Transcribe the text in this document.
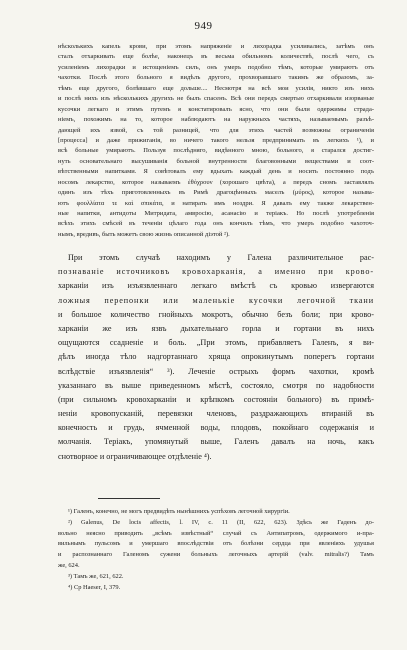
949
нѣсколькихъ капель крови, при этомъ напряженіе и лихорадка усиливались, затѣмъ онъ
сталъ отхаркивать еще болѣе, наконецъ въ весьма обильномъ количествѣ, послѣ чего, съ
усиленіемъ лихорадки и истощеніемъ силъ, онъ умеръ подобно тѣмъ, которые умираютъ отъ
чахотки. Послѣ этого больного я видѣлъ другого, прохворавшаго такимъ же образомъ, за-
тѣмъ еще другого, болѣвшаго еще дольше.... Несмотря на всѣ мои усилія, никто изъ нихъ
и послѣ нихъ изъ нѣсколькихъ другихъ не былъ спасенъ. Всѣ они передъ смертью отхаркивали изорваные
кусочки легкаго и этимъ путемъ я констатировалъ ясно, что они были одержимы страда-
ніемъ, похожимъ на то, которое наблюдаютъ на наружныхъ частяхъ, называемымъ разъѣ-
дающей ихъ язвой, съ той разницей, что для этихъ частей возможны ограниченія
[процесса] и даже прижиганія, во ничего такого нельзя предпринимать въ легкихъ ¹), и
всѣ больные умираютъ. Пользуя послѣдняго, видѣнного мною, больного, я старался достиг-
нуть основательнаго высушиванія больной внутренности благовонными веществами и соот-
вѣтственными напитками. Я совѣтовалъ ему вдыхать каждый день и носить постоянно подъ
носомъ лекарство, которое называемъ ἐθόχρουν (хорошаго цвѣта), а передъ сномъ заставлялъ
одинъ изъ тѣхъ приготовленныхъ въ Римѣ драгоцѣнныхъ маселъ (μύρος), которое называ-
ютъ φουλλίατα τε καὶ σπικάτα, и натирать имъ ноздри. Я давалъ ему также лекарствен-
ные напитки, антидоты Митридата, амвросію, асанасію и теріакъ. Но послѣ употребленія
всѣхъ этихъ смѣсей въ теченіи цѣлаго года онъ кончилъ тѣмъ, что умеръ подобно чахоточ-
нымъ, вредивъ, быть можетъ свою жизнь описанной діэтой ²).
При этомъ случаѣ находимъ у Галена различительное рас-
познаваніе источниковъ кровохарканія, а именно при крово-
харканіи изъ изъязвленнаго легкаго вмѣстѣ съ кровью извергаются
ложныя перепонки или маленькіе кусочки легочной ткани
и большое количество гнойныхъ мокротъ, обычно безъ боли; при крово-
харканіи же изъ язвъ дыхательнаго горла и гортани въ нихъ
ощущаются ссадненіе и боль. „При этомъ, прибавляетъ Галенъ, я ви-
дѣлъ иногда тѣло надгортаннаго хряща опрокинутымъ поперегъ гортани
вслѣдствіе изъязвленія“ ³). Леченіе острыхъ формъ чахотки, кромѣ
указаннаго въ выше приведенномъ мѣстѣ, состояло, смотря по надобности
(при сильномъ кровохарканіи и крѣпкомъ состояніи больного) въ примѣ-
неніи кровопусканій, перевязки членовъ, раздражающихъ втираній въ
конечность и грудь, ячменной воды, плодовъ, покойнаго содержанія и
молчанія. Теріакъ, упомянутый выше, Галенъ давалъ на ночь, какъ
снотворное и ограничивающее отдѣленіе ⁴).
¹) Галенъ, конечно, не могъ предвидѣть нынѣшнихъ успѣховъ легочной хирургіи.
²) Galenus, De locis affectis, l. IV, c. 11 (II, 622, 623). Здѣсь же Гаденъ до-
вольно неясно приводить „всѣмъ извѣстный“ случай съ Антипатромъ, одержимого и-пра-
вильнымъ пульсомъ и умершаго впослѣдствіи отъ болѣзни сердца при явленіяхъ удушья
и распознаннаго Галеномъ сужени больныхъ легочныхъ артерій (valv. mitralis?) Тамъ
же, 624.
³) Тамъ же, 621, 622.
⁴) Ср Haeser, I, 379.
